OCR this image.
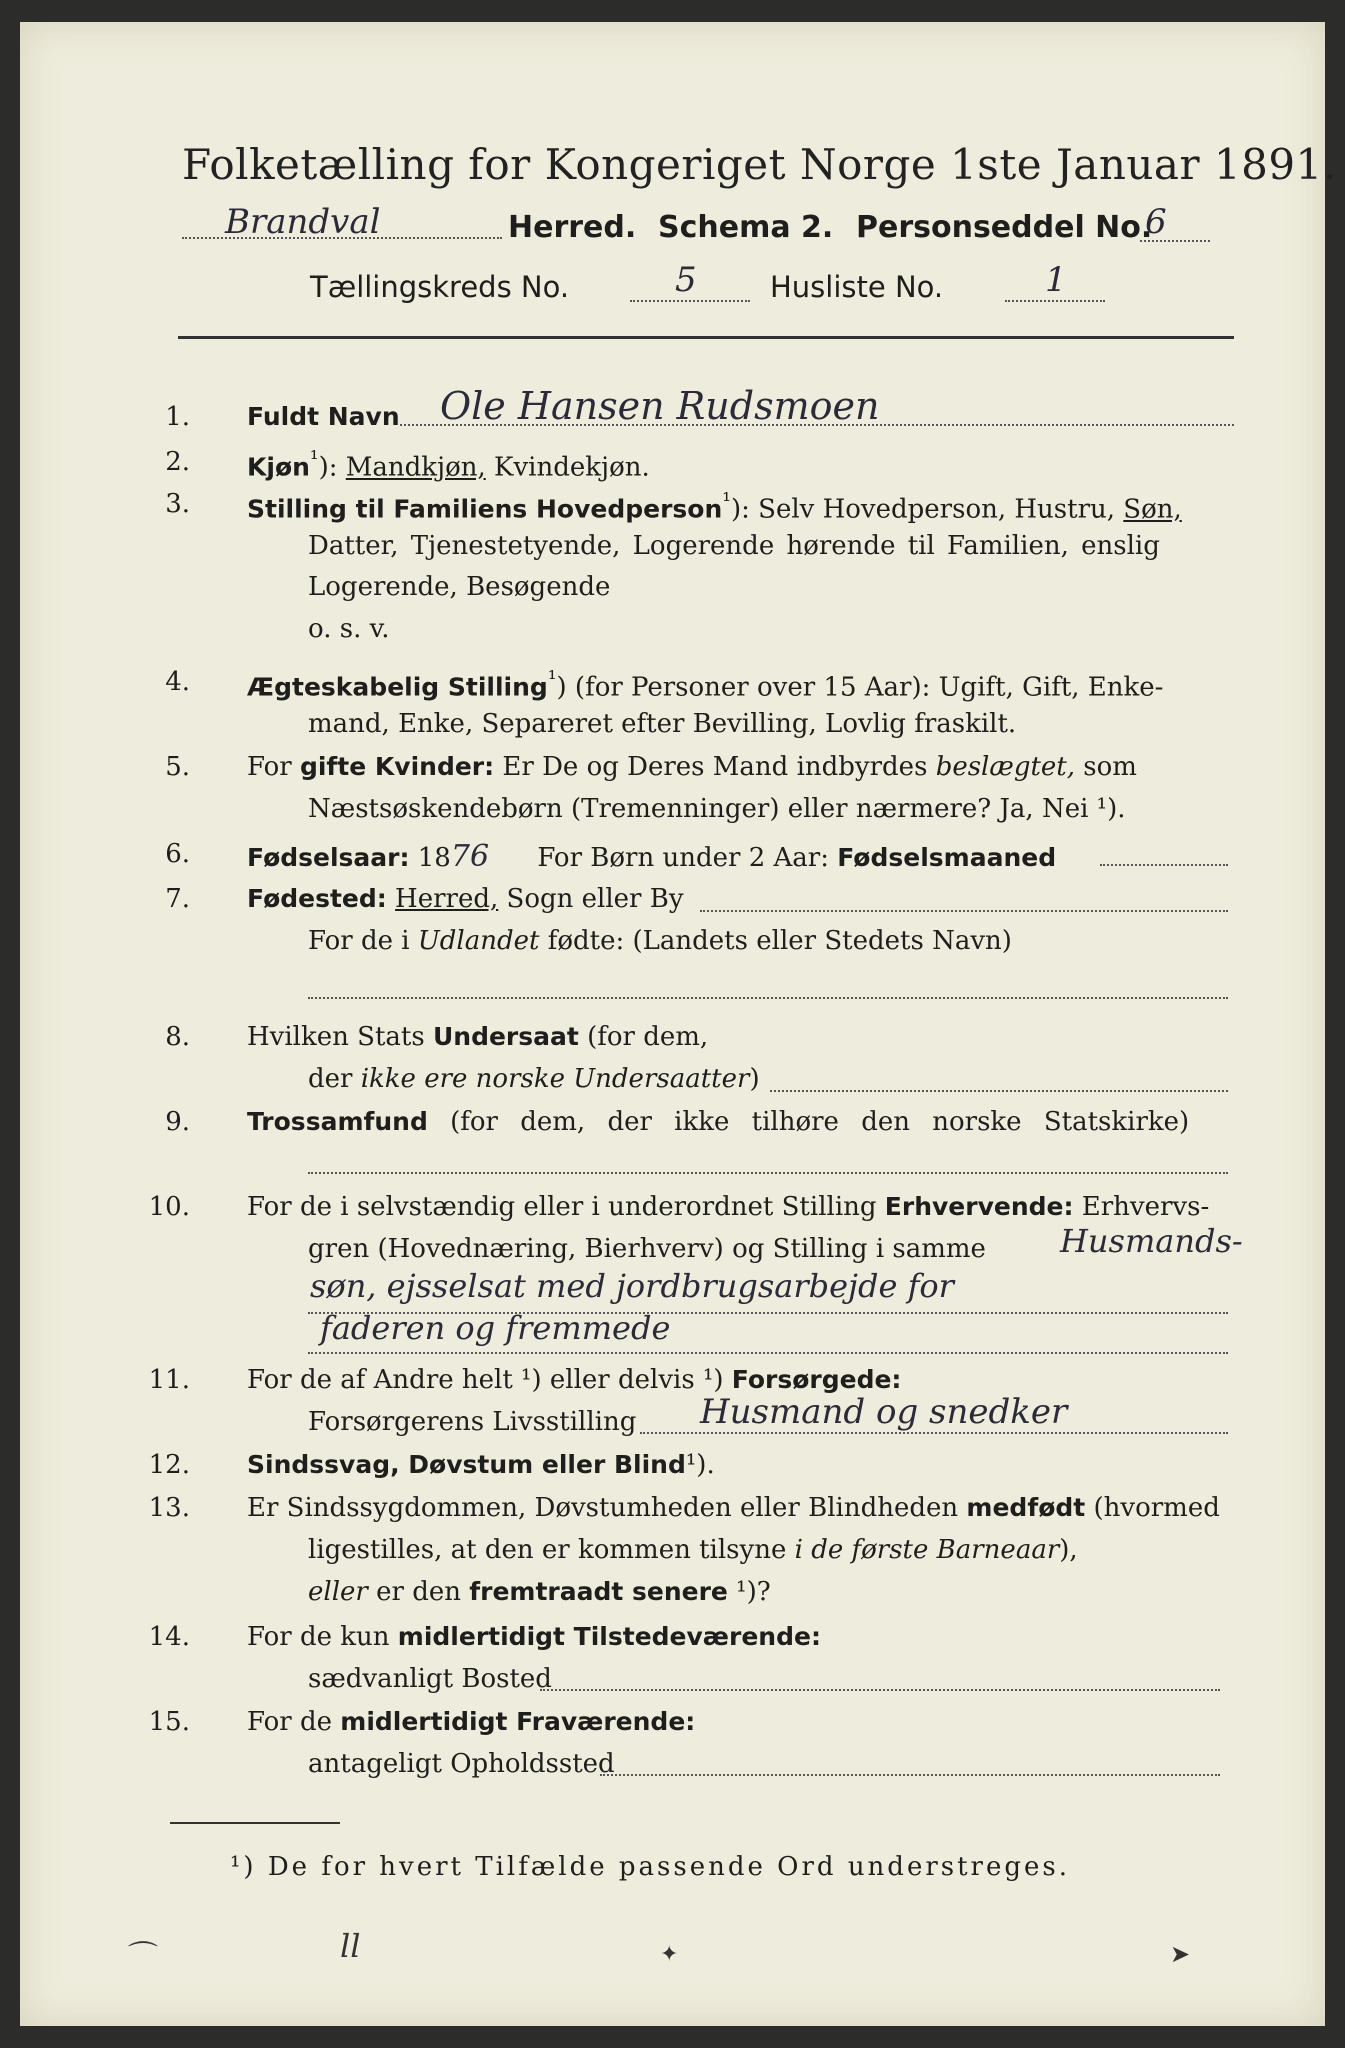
Folketælling for Kongeriget Norge 1ste Januar 1891.
Brandval	Herred. Schema 2. Personseddel No.
6
Tællingskreds No.	5	Husliste No.	1
1. Fuldt Navn Ole Hansen Rudsmoen
2. Kjøn$^{^1}$): Mandkjøn, Kvindekjøn.
3. Stilling til Familiens Hovedperson$^{^1}$): Selv Hovedperson, Hustru, Søn,
Datter, Tjenestetyende, Logerende hørende til Familien, enslig
Logerende, Besøgende
o. s. v.
4. Ægteskabelig Stilling$^{^1}$) (for Personer over 15 Aar): Ugift, Gift, Enke-
mand, Enke, Separeret efter Bevilling, Lovlig fraskilt.
5. For gifte Kvinder: Er De og Deres Mand indbyrdes beslægtet, som
Næstsøskendebørn (Tremenninger) eller nærmere? Ja, Nei ¹).
6. Fødselsaar: 1876 For Børn under 2 Aar: Fødselsmaaned
7. Fødested: Herred, Sogn eller By
For de i Udlandet fødte: (Landets eller Stedets Navn)
8. Hvilken Stats Undersaat (for dem,
der ikke ere norske Undersaatter)
9. Trossamfund (for dem, der ikke tilhøre den norske Statskirke)
10. For de i selvstændig eller i underordnet Stilling Erhvervende: Erhvervs-
gren (Hovednæring, Bierhverv) og Stilling i samme Husmands-
søn, ejsselsat med jordbrugsarbejde for
faderen og fremmede
11. For de af Andre helt ¹) eller delvis ¹) Forsørgede:
Forsørgerens Livsstilling Husmand og snedker
12. Sindssvag, Døvstum eller Blind¹).
13. Er Sindssygdommen, Døvstumheden eller Blindheden medfødt (hvormed
ligestilles, at den er kommen tilsyne i de første Barneaar),
eller er den fremtraadt senere ¹)?
14. For de kun midlertidigt Tilstedeværende:
sædvanligt Bosted
15. For de midlertidigt Fraværende:
antageligt Opholdssted
¹) De for hvert Tilfælde passende Ord understreges.
⌒	ll	✦	➤
